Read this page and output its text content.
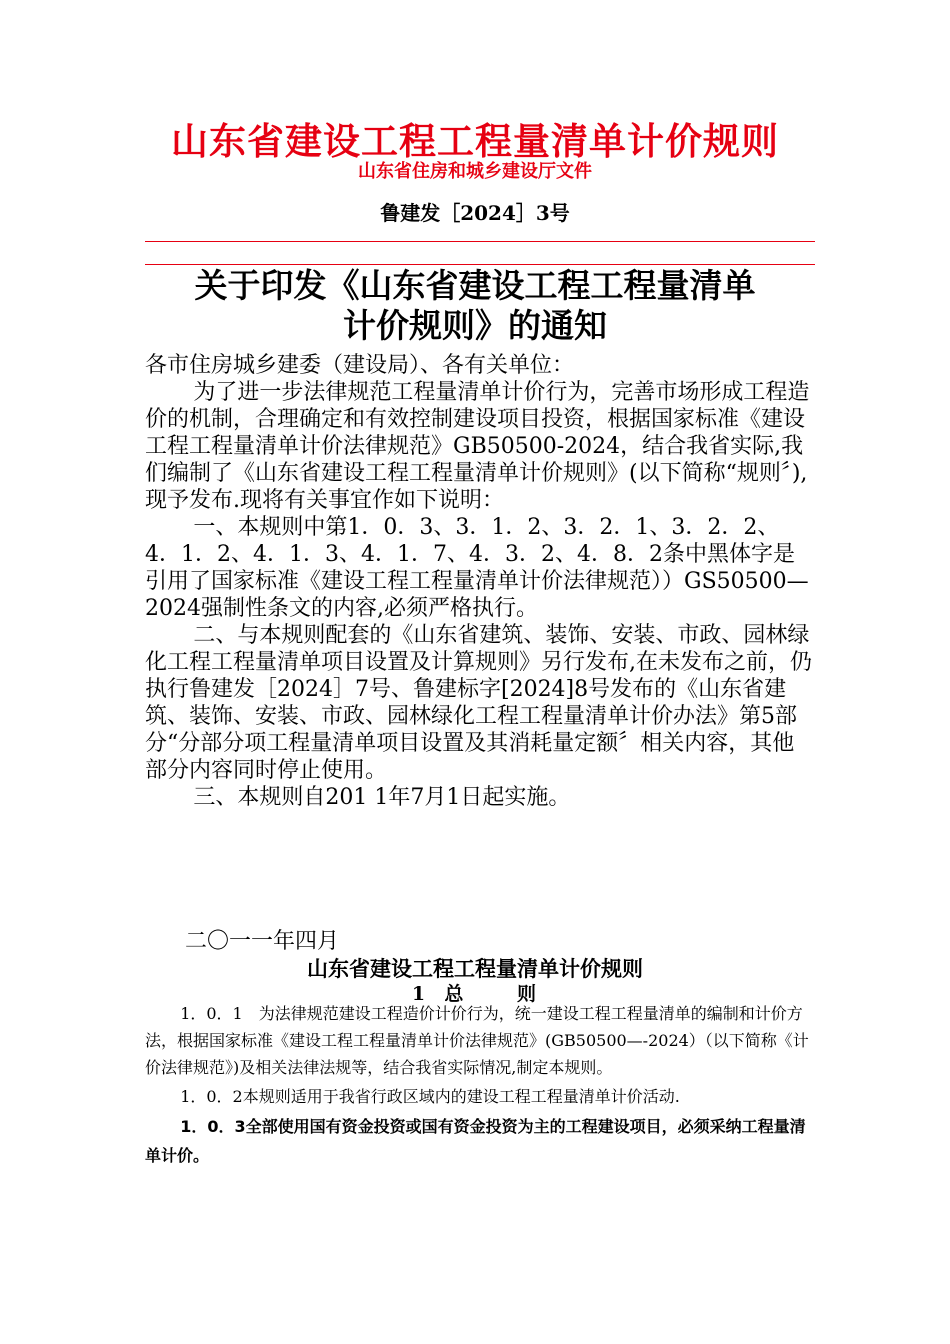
山东省建设工程工程量清单计价规则
山东省住房和城乡建设厅文件
鲁建发［2024］3号
关于印发《山东省建设工程工程量清单
计价规则》的通知

各市住房城乡建委（建设局）、各有关单位：

为了进一步法律规范工程量清单计价行为，完善市场形成工程造价的机制，合理确定和有效控制建设项目投资，根据国家标准《建设工程工程量清单计价法律规范》GB50500-2024，结合我省实际,我们编制了《山东省建设工程工程量清单计价规则》(以下简称“规则〞),现予发布.现将有关事宜作如下说明：

一、本规则中第1．0．3、3．1．2、3．2．1、3．2．2、4．1．2、4．1．3、4．1．7、4．3．2、4．8．2条中黑体字是引用了国家标准《建设工程工程量清单计价法律规范））GS50500—2024强制性条文的内容,必须严格执行。

二、与本规则配套的《山东省建筑、装饰、安装、市政、园林绿化工程工程量清单项目设置及计算规则》另行发布,在未发布之前，仍执行鲁建发［2024］7号、鲁建标字[2024]8号发布的《山东省建筑、装饰、安装、市政、园林绿化工程工程量清单计价办法》第5部分“分部分项工程量清单项目设置及其消耗量定额〞相关内容，其他部分内容同时停止使用。

三、本规则自201 1年7月1日起实施。

二〇一一年四月
山东省建设工程工程量清单计价规则
1  总      则

1．0．1　为法律规范建设工程造价计价行为，统一建设工程工程量清单的编制和计价方法，根据国家标准《建设工程工程量清单计价法律规范》(GB50500—-2024）（以下简称《计价法律规范》)及相关法律法规等，结合我省实际情况,制定本规则。

1．0．2本规则适用于我省行政区域内的建设工程工程量清单计价活动.

1．0．3全部使用国有资金投资或国有资金投资为主的工程建设项目，必须采纳工程量清单计价。
